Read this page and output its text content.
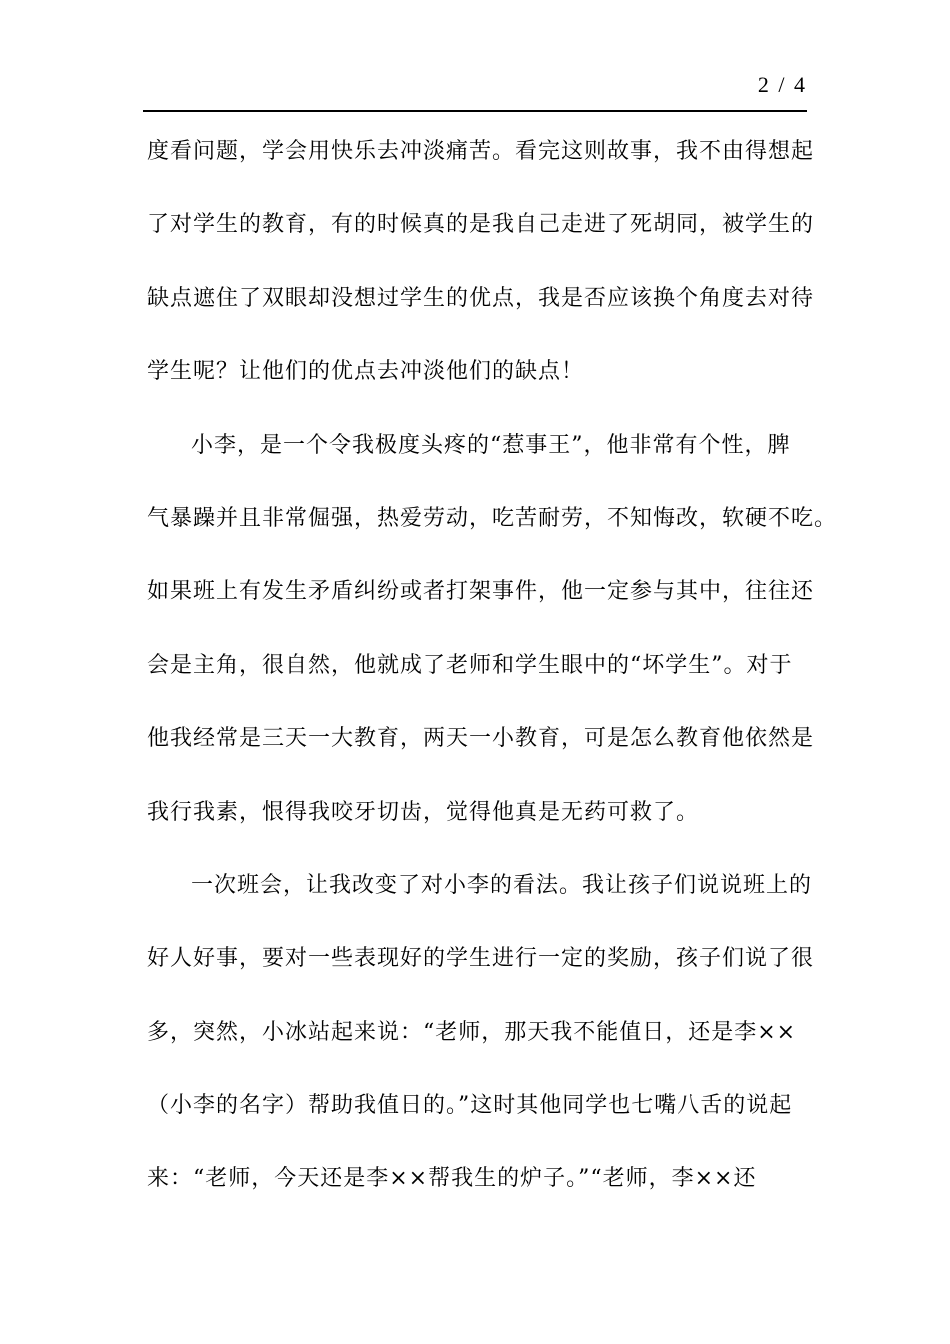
2 / 4
度看问题，学会用快乐去冲淡痛苦。看完这则故事，我不由得想起
了对学生的教育，有的时候真的是我自己走进了死胡同，被学生的
缺点遮住了双眼却没想过学生的优点，我是否应该换个角度去对待
学生呢？让他们的优点去冲淡他们的缺点！
小李，是一个令我极度头疼的“惹事王”，他非常有个性，脾
气暴躁并且非常倔强，热爱劳动，吃苦耐劳，不知悔改，软硬不吃。
如果班上有发生矛盾纠纷或者打架事件，他一定参与其中，往往还
会是主角，很自然，他就成了老师和学生眼中的“坏学生”。对于
他我经常是三天一大教育，两天一小教育，可是怎么教育他依然是
我行我素，恨得我咬牙切齿，觉得他真是无药可救了。
一次班会，让我改变了对小李的看法。我让孩子们说说班上的
好人好事，要对一些表现好的学生进行一定的奖励，孩子们说了很
多，突然，小冰站起来说：“老师，那天我不能值日，还是李××
（小李的名字）帮助我值日的。”这时其他同学也七嘴八舌的说起
来：“老师，今天还是李××帮我生的炉子。”“老师，李××还
